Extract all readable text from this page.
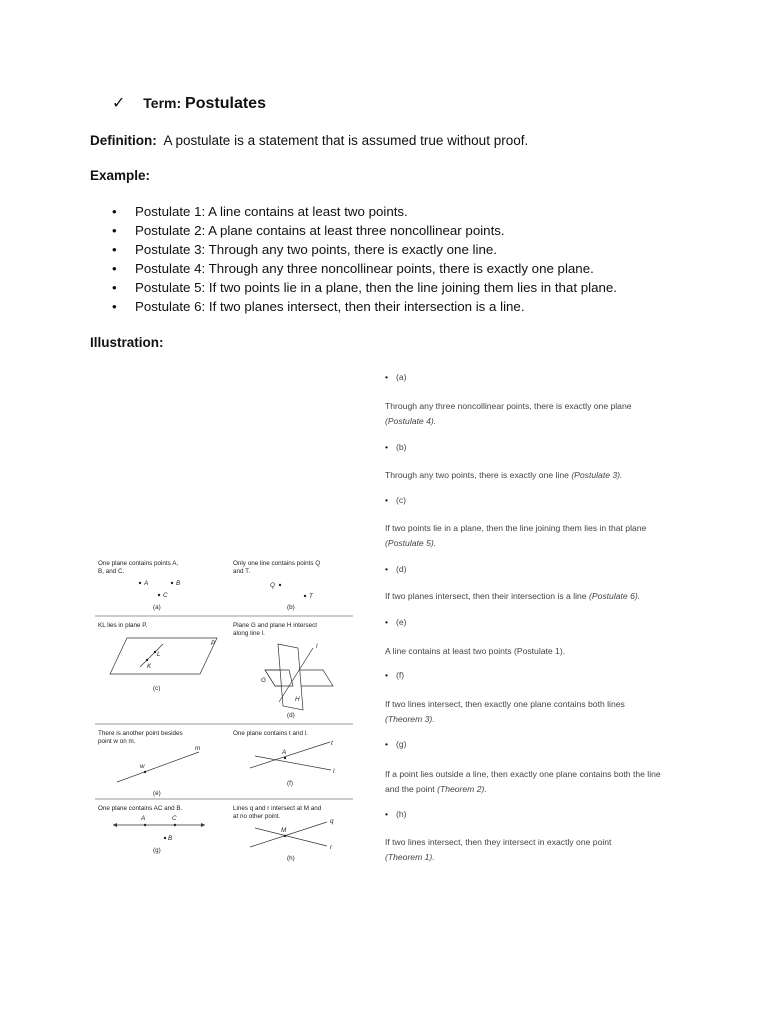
✓ Term: Postulates
Definition: A postulate is a statement that is assumed true without proof.
Example:
• Postulate 1: A line contains at least two points.
• Postulate 2: A plane contains at least three noncollinear points.
• Postulate 3: Through any two points, there is exactly one line.
• Postulate 4: Through any three noncollinear points, there is exactly one plane.
• Postulate 5: If two points lie in a plane, then the line joining them lies in that plane.
• Postulate 6: If two planes intersect, then their intersection is a line.
Illustration:
One plane contains points A,
B, and C.
A	B
C
(a)
Only one line contains points Q
and T.
Q
T
(b)
KL lies in plane P.
P
L
K
(c)
Plane G and plane H intersect
along line l.
l
G
H
(d)
There is another point besides
point w on m.
m
w
(e)
One plane contains t and l.
t
A
l
(f)
One plane contains AC and B.
A	C
B
(g)
Lines q and r intersect at M and
at no other point.
q
M
r
(h)
• (a)
Through any three noncollinear points, there is exactly one plane
(Postulate 4).
• (b)
Through any two points, there is exactly one line (Postulate 3).
• (c)
If two points lie in a plane, then the line joining them lies in that plane
(Postulate 5).
• (d)
If two planes intersect, then their intersection is a line (Postulate 6).
• (e)
A line contains at least two points (Postulate 1).
• (f)
If two lines intersect, then exactly one plane contains both lines
(Theorem 3).
• (g)
If a point lies outside a line, then exactly one plane contains both the line and the point (Theorem 2).
• (h)
If two lines intersect, then they intersect in exactly one point
(Theorem 1).
